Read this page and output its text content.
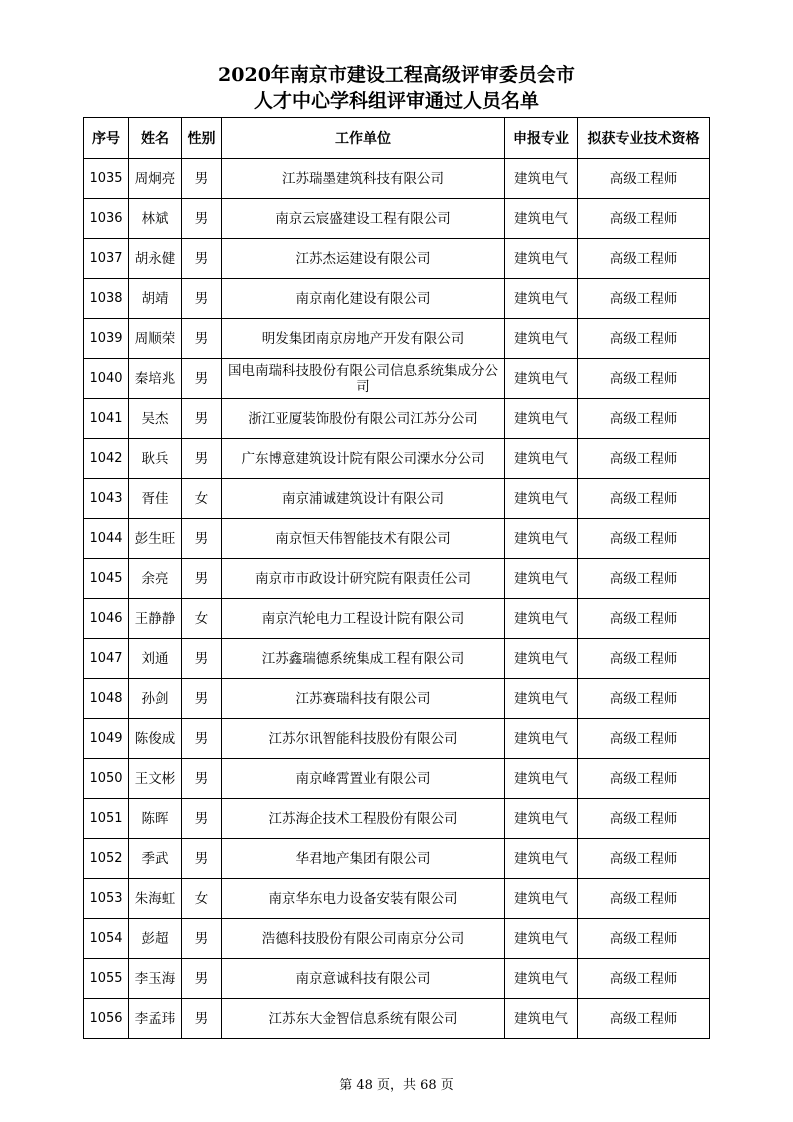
2020年南京市建设工程高级评审委员会市
人才中心学科组评审通过人员名单
序号	姓名	性别	工作单位	申报专业	拟获专业技术资格
1035	周炯亮	男	江苏瑞墨建筑科技有限公司	建筑电气	高级工程师
1036	林斌	男	南京云宸盛建设工程有限公司	建筑电气	高级工程师
1037	胡永健	男	江苏杰运建设有限公司	建筑电气	高级工程师
1038	胡靖	男	南京南化建设有限公司	建筑电气	高级工程师
1039	周顺荣	男	明发集团南京房地产开发有限公司	建筑电气	高级工程师
1040	秦培兆	男	国电南瑞科技股份有限公司信息系统集成分公司	建筑电气	高级工程师
1041	吴杰	男	浙江亚厦装饰股份有限公司江苏分公司	建筑电气	高级工程师
1042	耿兵	男	广东博意建筑设计院有限公司溧水分公司	建筑电气	高级工程师
1043	胥佳	女	南京浦诚建筑设计有限公司	建筑电气	高级工程师
1044	彭生旺	男	南京恒天伟智能技术有限公司	建筑电气	高级工程师
1045	余亮	男	南京市市政设计研究院有限责任公司	建筑电气	高级工程师
1046	王静静	女	南京汽轮电力工程设计院有限公司	建筑电气	高级工程师
1047	刘通	男	江苏鑫瑞德系统集成工程有限公司	建筑电气	高级工程师
1048	孙剑	男	江苏赛瑞科技有限公司	建筑电气	高级工程师
1049	陈俊成	男	江苏尔讯智能科技股份有限公司	建筑电气	高级工程师
1050	王文彬	男	南京峰霄置业有限公司	建筑电气	高级工程师
1051	陈晖	男	江苏海企技术工程股份有限公司	建筑电气	高级工程师
1052	季武	男	华君地产集团有限公司	建筑电气	高级工程师
1053	朱海虹	女	南京华东电力设备安装有限公司	建筑电气	高级工程师
1054	彭超	男	浩德科技股份有限公司南京分公司	建筑电气	高级工程师
1055	李玉海	男	南京意诚科技有限公司	建筑电气	高级工程师
1056	李孟玮	男	江苏东大金智信息系统有限公司	建筑电气	高级工程师
第 48 页，共 68 页
